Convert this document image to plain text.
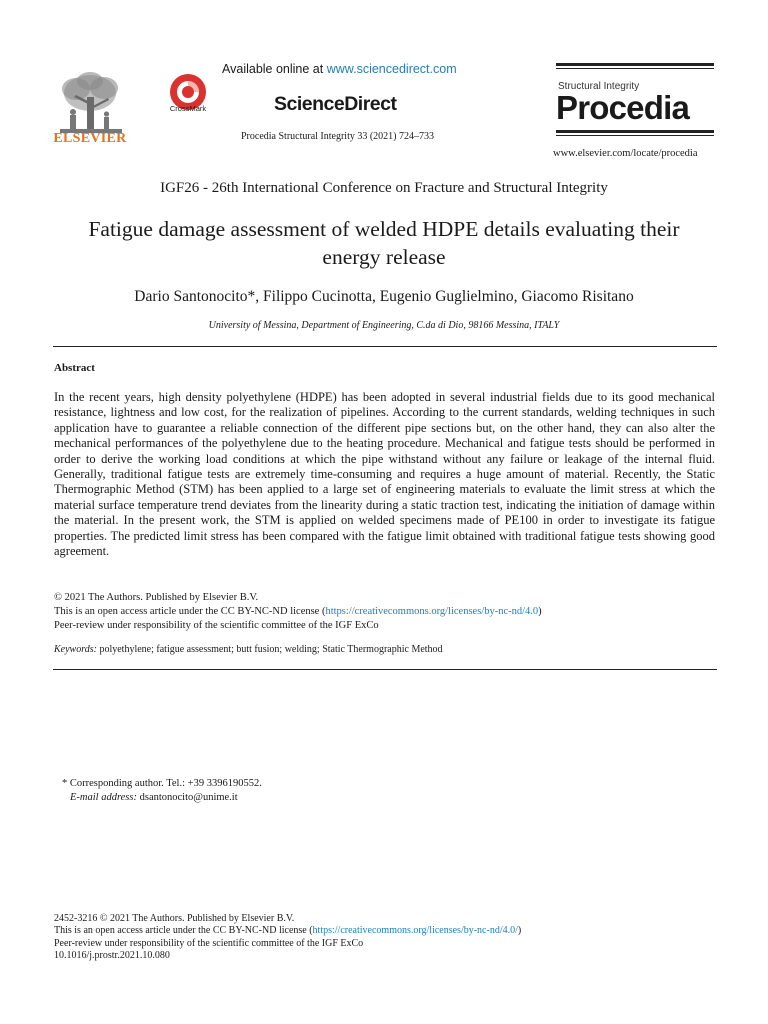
ELSEVIER
CrossMark
Available online at www.sciencedirect.com
ScienceDirect
Procedia Structural Integrity 33 (2021) 724–733
Structural Integrity
Procedia
www.elsevier.com/locate/procedia
IGF26 - 26th International Conference on Fracture and Structural Integrity
Fatigue damage assessment of welded HDPE details evaluating their
energy release
Dario Santonocito*, Filippo Cucinotta, Eugenio Guglielmino, Giacomo Risitano
University of Messina, Department of Engineering, C.da di Dio, 98166 Messina, ITALY
Abstract
In the recent years, high density polyethylene (HDPE) has been adopted in several industrial fields due to its good mechanical resistance, lightness and low cost, for the realization of pipelines. According to the current standards, welding techniques in such application have to guarantee a reliable connection of the different pipe sections but, on the other hand, they can also alter the mechanical performances of the polyethylene due to the heating procedure. Mechanical and fatigue tests should be performed in order to derive the working load conditions at which the pipe withstand without any failure or leakage of the internal fluid. Generally, traditional fatigue tests are extremely time-consuming and requires a huge amount of material. Recently, the Static Thermographic Method (STM) has been applied to a large set of engineering materials to evaluate the limit stress at which the material surface temperature trend deviates from the linearity during a static traction test, indicating the initiation of damage within the material. In the present work, the STM is applied on welded specimens made of PE100 in order to investigate its fatigue properties. The predicted limit stress has been compared with the fatigue limit obtained with traditional fatigue tests showing good agreement.
© 2021 The Authors. Published by Elsevier B.V.
This is an open access article under the CC BY-NC-ND license (https://creativecommons.org/licenses/by-nc-nd/4.0)
Peer-review under responsibility of the scientific committee of the IGF ExCo
Keywords: polyethylene; fatigue assessment; butt fusion; welding; Static Thermographic Method
* Corresponding author. Tel.: +39 3396190552.
E-mail address: dsantonocito@unime.it
2452-3216 © 2021 The Authors. Published by Elsevier B.V.
This is an open access article under the CC BY-NC-ND license (https://creativecommons.org/licenses/by-nc-nd/4.0/)
Peer-review under responsibility of the scientific committee of the IGF ExCo
10.1016/j.prostr.2021.10.080
